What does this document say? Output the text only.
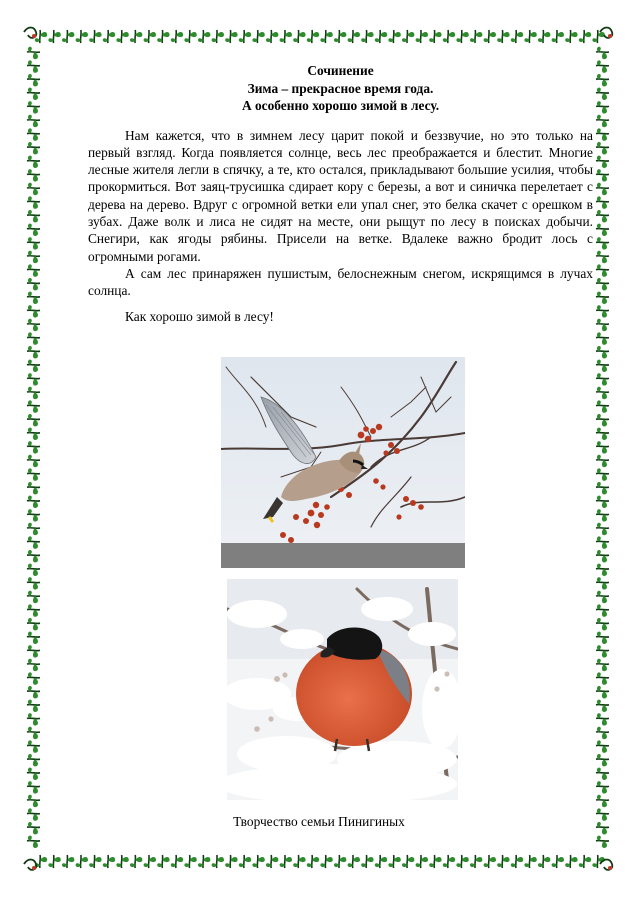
Сочинение
Зима – прекрасное время года.
А особенно хорошо зимой в лесу.

Нам кажется, что в зимнем лесу царит покой и беззвучие, но это только на первый взгляд. Когда появляется солнце, весь лес преображается и блестит. Многие лесные жителя легли в спячку, а те, кто остался, прикладывают большие усилия, чтобы прокормиться. Вот заяц-трусишка сдирает кору с березы, а вот и синичка перелетает с дерева на дерево. Вдруг с огромной ветки ели упал снег, это белка скачет с орешком в зубах. Даже волк и лиса не сидят на месте, они рыщут по лесу в поисках добычи. Снегири, как ягоды рябины. Присели на ветке. Вдалеке важно бродит лось с огромными рогами.

А сам лес принаряжен пушистым, белоснежным снегом, искрящимся в лучах солнца.

Как хорошо зимой в лесу!

Творчество семьи Пинигиных
